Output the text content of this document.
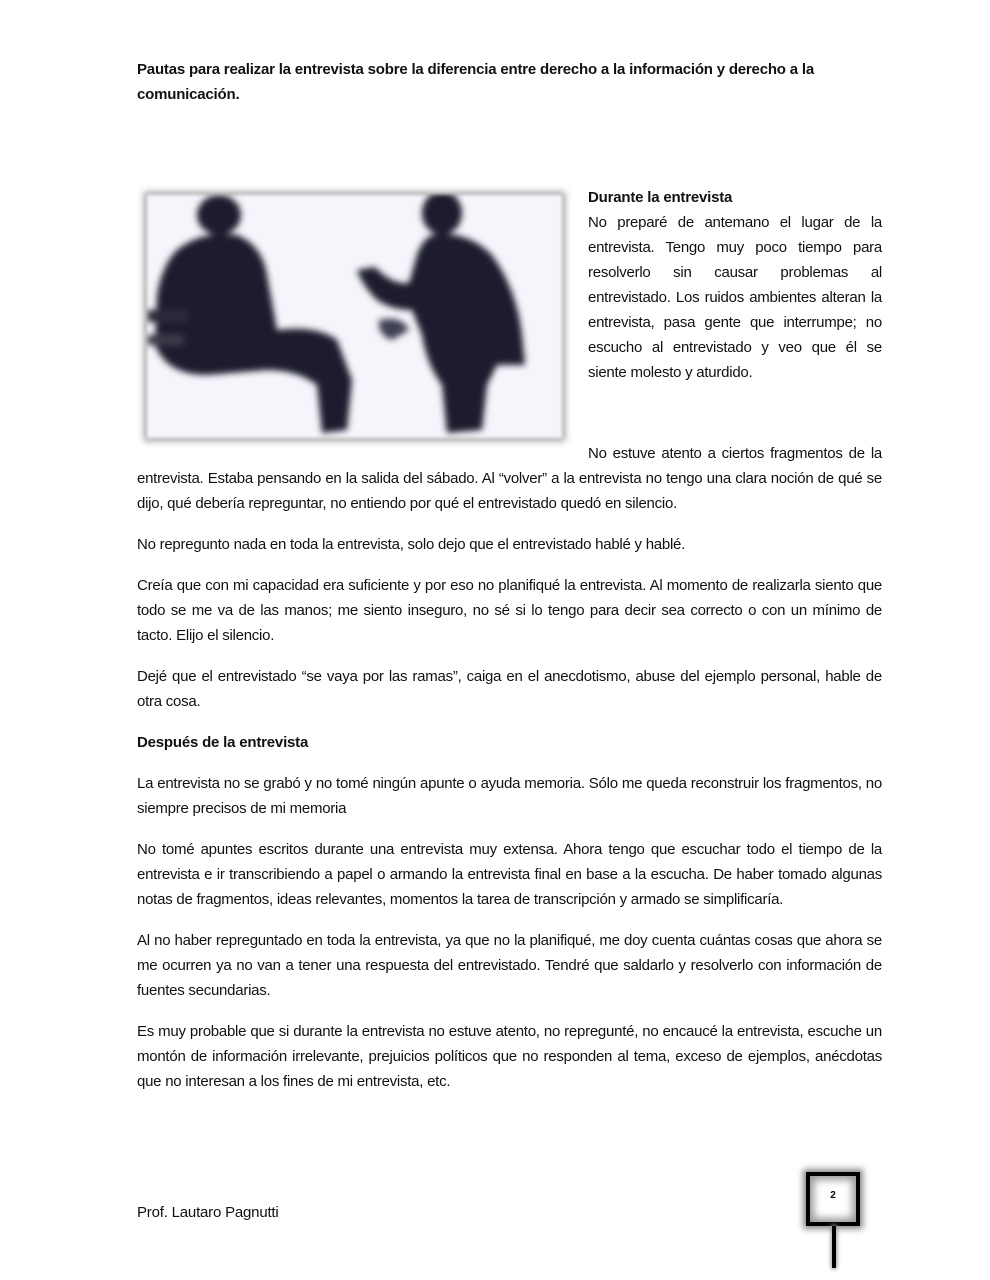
Pautas para realizar la entrevista sobre la diferencia entre derecho a la información y derecho a la comunicación.
Durante la entrevista

No preparé de antemano el lugar de la entrevista. Tengo muy poco tiempo para resolverlo sin causar problemas al entrevistado. Los ruidos ambientes alteran la entrevista, pasa gente que interrumpe; no escucho al entrevistado y veo que él se siente molesto y aturdido.

No estuve atento a ciertos fragmentos de la entrevista. Estaba pensando en la salida del sábado. Al “volver” a la entrevista no tengo una clara noción de qué se dijo, qué debería repreguntar, no entiendo por qué el entrevistado quedó en silencio.

No repregunto nada en toda la entrevista, solo dejo que el entrevistado hablé y hablé.

Creía que con mi capacidad era suficiente y por eso no planifiqué la entrevista. Al momento de realizarla siento que todo se me va de las manos; me siento inseguro, no sé si lo tengo para decir sea correcto o con un mínimo de tacto. Elijo el silencio.

Dejé que el entrevistado “se vaya por las ramas”, caiga en el anecdotismo, abuse del ejemplo personal, hable de otra cosa.

Después de la entrevista

La entrevista no se grabó y no tomé ningún apunte o ayuda memoria. Sólo me queda reconstruir los fragmentos, no siempre precisos de mi memoria

No tomé apuntes escritos durante una entrevista muy extensa. Ahora tengo que escuchar todo el tiempo de la entrevista e ir transcribiendo a papel o armando la entrevista final en base a la escucha. De haber tomado algunas notas de fragmentos, ideas relevantes, momentos la tarea de transcripción y armado se simplificaría.

Al no haber repreguntado en toda la entrevista, ya que no la planifiqué, me doy cuenta cuántas cosas que ahora se me ocurren ya no van a tener una respuesta del entrevistado. Tendré que saldarlo y resolverlo con información de fuentes secundarias.

Es muy probable que si durante la entrevista no estuve atento, no repregunté, no encaucé la entrevista, escuche un montón de información irrelevante, prejuicios políticos que no responden al tema, exceso de ejemplos, anécdotas que no interesan a los fines de mi entrevista, etc.

Prof. Lautaro Pagnutti
2
